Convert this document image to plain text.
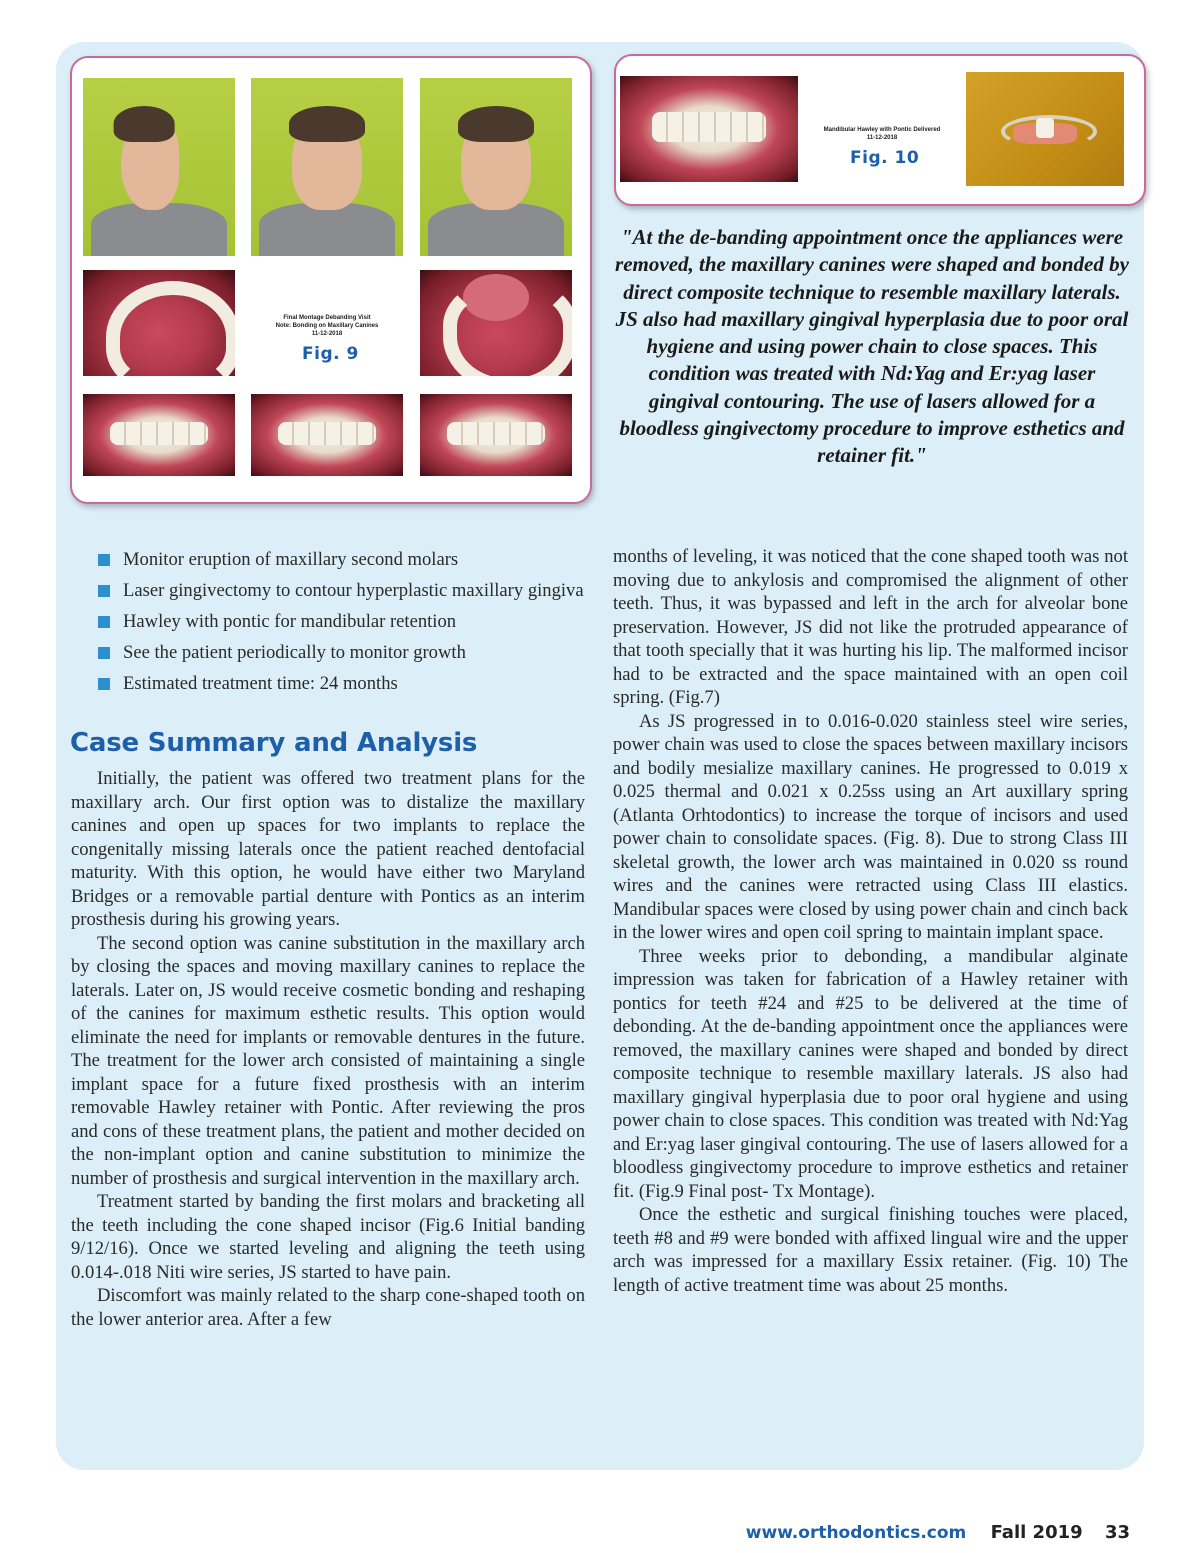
Final Montage Debanding Visit
Note: Bonding on Maxillary Canines
11-12-2018
Fig. 9
Mandibular Hawley with Pontic Delivered
11-12-2018
Fig. 10

"At the de-banding appointment once the appliances were removed, the maxillary canines were shaped and bonded by direct composite technique to resemble maxillary laterals. JS also had maxillary gingival hyperplasia due to poor oral hygiene and using power chain to close spaces. This condition was treated with Nd:Yag and Er:yag laser gingival contouring. The use of lasers allowed for a bloodless gingivectomy procedure to improve esthetics and retainer fit."

Monitor eruption of maxillary second molars
Laser gingivectomy to contour hyperplastic maxillary gingiva
Hawley with pontic for mandibular retention
See the patient periodically to monitor growth
Estimated treatment time: 24 months
Case Summary and Analysis

Initially, the patient was offered two treatment plans for the maxillary arch. Our first option was to distalize the maxillary canines and open up spaces for two implants to replace the congenitally missing laterals once the patient reached dentofacial maturity. With this option, he would have either two Maryland Bridges or a removable partial denture with Pontics as an interim prosthesis during his growing years.

The second option was canine substitution in the maxillary arch by closing the spaces and moving maxillary canines to replace the laterals. Later on, JS would receive cosmetic bonding and reshaping of the canines for maximum esthetic results. This option would eliminate the need for implants or removable dentures in the future. The treatment for the lower arch consisted of maintaining a single implant space for a future fixed prosthesis with an interim removable Hawley retainer with Pontic. After reviewing the pros and cons of these treatment plans, the patient and mother decided on the non-implant option and canine substitution to minimize the number of prosthesis and surgical intervention in the maxillary arch.

Treatment started by banding the first molars and bracketing all the teeth including the cone shaped incisor (Fig.6 Initial banding 9/12/16). Once we started leveling and aligning the teeth using 0.014-.018 Niti wire series, JS started to have pain.

Discomfort was mainly related to the sharp cone-shaped tooth on the lower anterior area. After a few

months of leveling, it was noticed that the cone shaped tooth was not moving due to ankylosis and compromised the alignment of other teeth. Thus, it was bypassed and left in the arch for alveolar bone preservation. However, JS did not like the protruded appearance of that tooth specially that it was hurting his lip. The malformed incisor had to be extracted and the space maintained with an open coil spring. (Fig.7)

As JS progressed in to 0.016-0.020 stainless steel wire series, power chain was used to close the spaces between maxillary incisors and bodily mesialize maxillary canines. He progressed to 0.019 x 0.025 thermal and 0.021 x 0.25ss using an Art auxillary spring (Atlanta Orhtodontics) to increase the torque of incisors and used power chain to consolidate spaces. (Fig. 8). Due to strong Class III skeletal growth, the lower arch was maintained in 0.020 ss round wires and the canines were retracted using Class III elastics. Mandibular spaces were closed by using power chain and cinch back in the lower wires and open coil spring to maintain implant space.

Three weeks prior to debonding, a mandibular alginate impression was taken for fabrication of a Hawley retainer with pontics for teeth #24 and #25 to be delivered at the time of debonding. At the de-banding appointment once the appliances were removed, the maxillary canines were shaped and bonded by direct composite technique to resemble maxillary laterals. JS also had maxillary gingival hyperplasia due to poor oral hygiene and using power chain to close spaces. This condition was treated with Nd:Yag and Er:yag laser gingival contouring. The use of lasers allowed for a bloodless gingivectomy procedure to improve esthetics and retainer fit. (Fig.9 Final post- Tx Montage).

Once the esthetic and surgical finishing touches were placed, teeth #8 and #9 were bonded with affixed lingual wire and the upper arch was impressed for a maxillary Essix retainer. (Fig. 10) The length of active treatment time was about 25 months.

www.orthodontics.com Fall 2019 33
